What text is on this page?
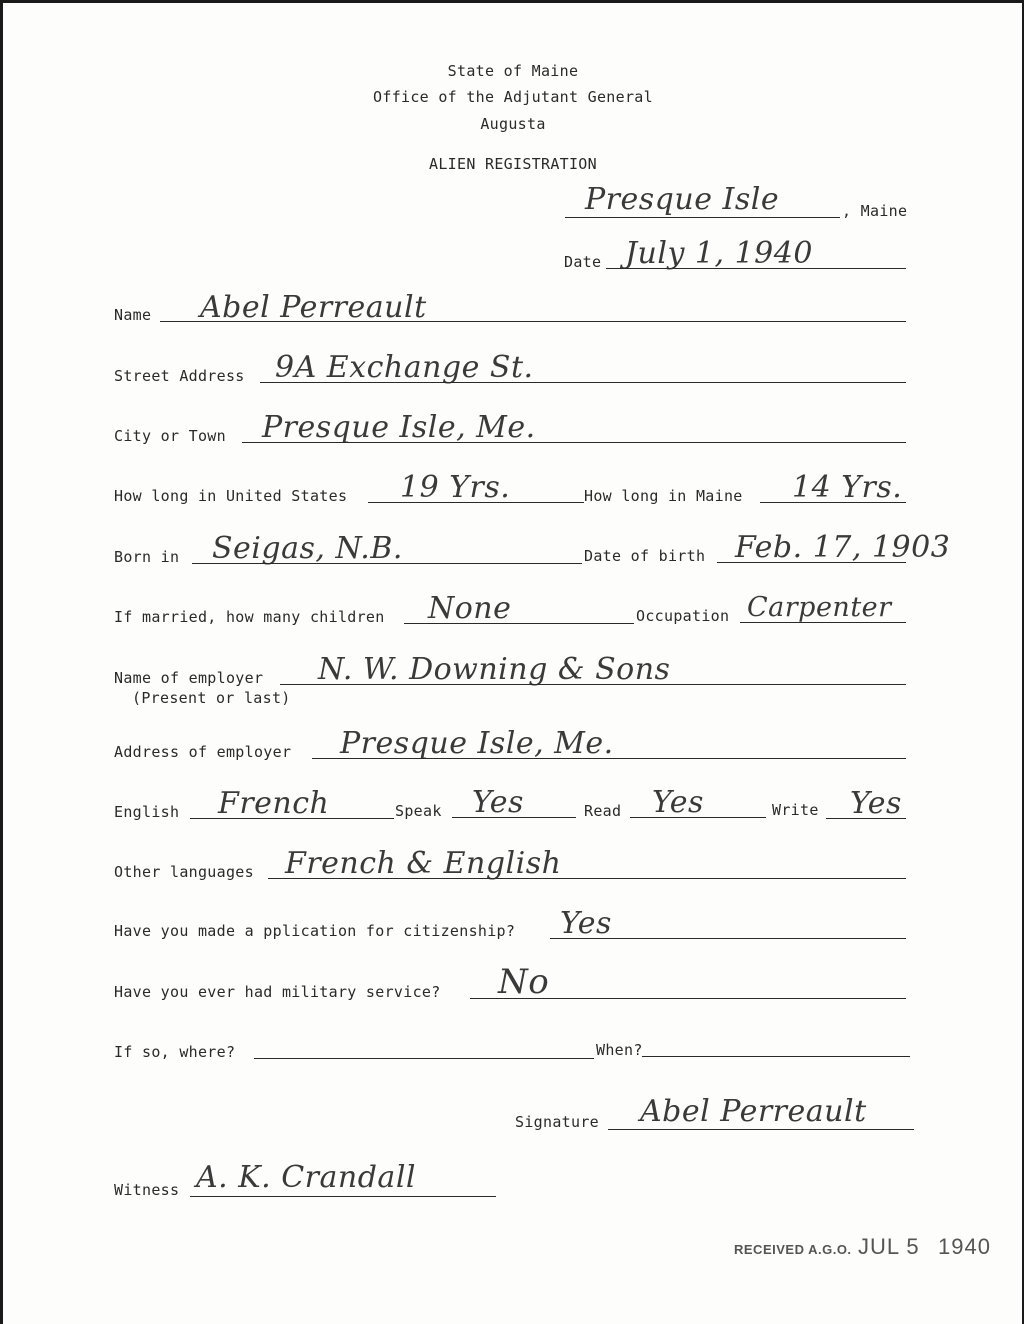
State of Maine
Office of the Adjutant General
Augusta
ALIEN REGISTRATION
Presque Isle	, Maine
Date July 1, 1940
Name Abel Perreault
Street Address 9A Exchange St.
City or Town Presque Isle, Me.
How long in United States 19 Yrs.	How long in Maine 14 Yrs.
Born in Seigas, N.B.	Date of birth Feb. 17, 1903
If married, how many children None	Occupation Carpenter
Name of employer
(Present or last)
N. W. Downing & Sons
Address of employer Presque Isle, Me.
English French	Speak Yes	Read Yes	Write Yes
Other languages French & English
Have you made a pplication for citizenship? Yes
Have you ever had military service? No
If so, where?	When?
Signature Abel Perreault
Witness A. K. Crandall
RECEIVED A.G.O. JUL 5 1940
